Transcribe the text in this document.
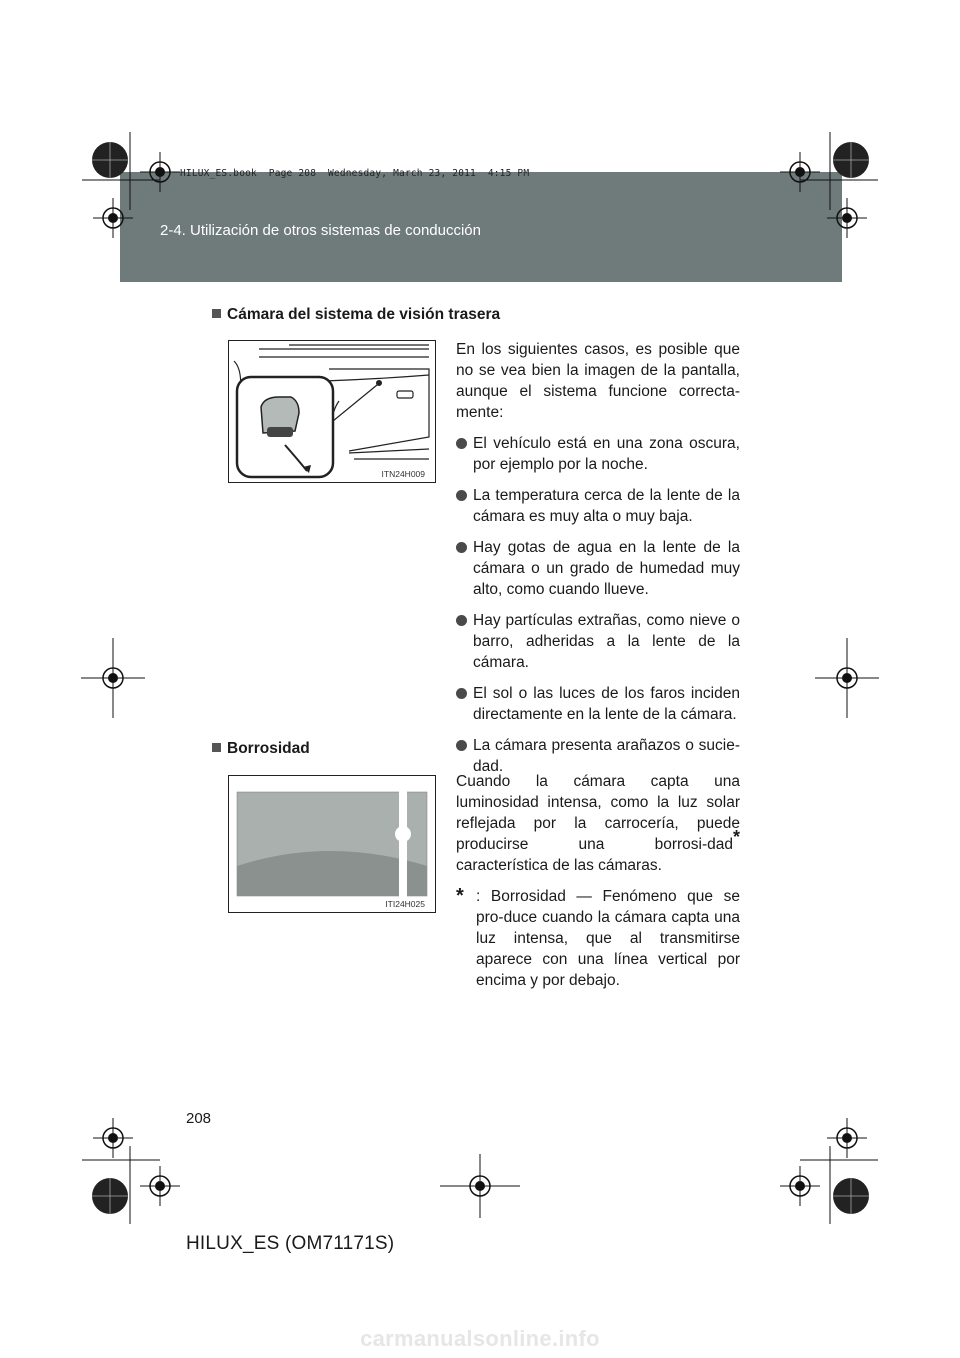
2-4. Utilización de otros sistemas de conducción
HILUX_ES.book  Page 208  Wednesday, March 23, 2011  4:15 PM
Cámara del sistema de visión trasera
ITN24H009

En los siguientes casos, es posible que no se vea bien la imagen de la pantalla, aunque el sistema funcione correcta-mente:

El vehículo está en una zona oscura, por ejemplo por la noche.
La temperatura cerca de la lente de la cámara es muy alta o muy baja.
Hay gotas de agua en la lente de la cámara o un grado de humedad muy alto, como cuando llueve.
Hay partículas extrañas, como nieve o barro, adheridas a la lente de la cámara.
El sol o las luces de los faros inciden directamente en la lente de la cámara.
La cámara presenta arañazos o sucie-dad.
Borrosidad
ITI24H025

Cuando la cámara capta una luminosidad intensa, como la luz solar reflejada por la carrocería, puede producirse una borrosi-dad* característica de las cámaras.

* : Borrosidad — Fenómeno que se pro-duce cuando la cámara capta una luz intensa, que al transmitirse aparece con una línea vertical por encima y por debajo.
208
HILUX_ES (OM71171S)
carmanualsonline.info
